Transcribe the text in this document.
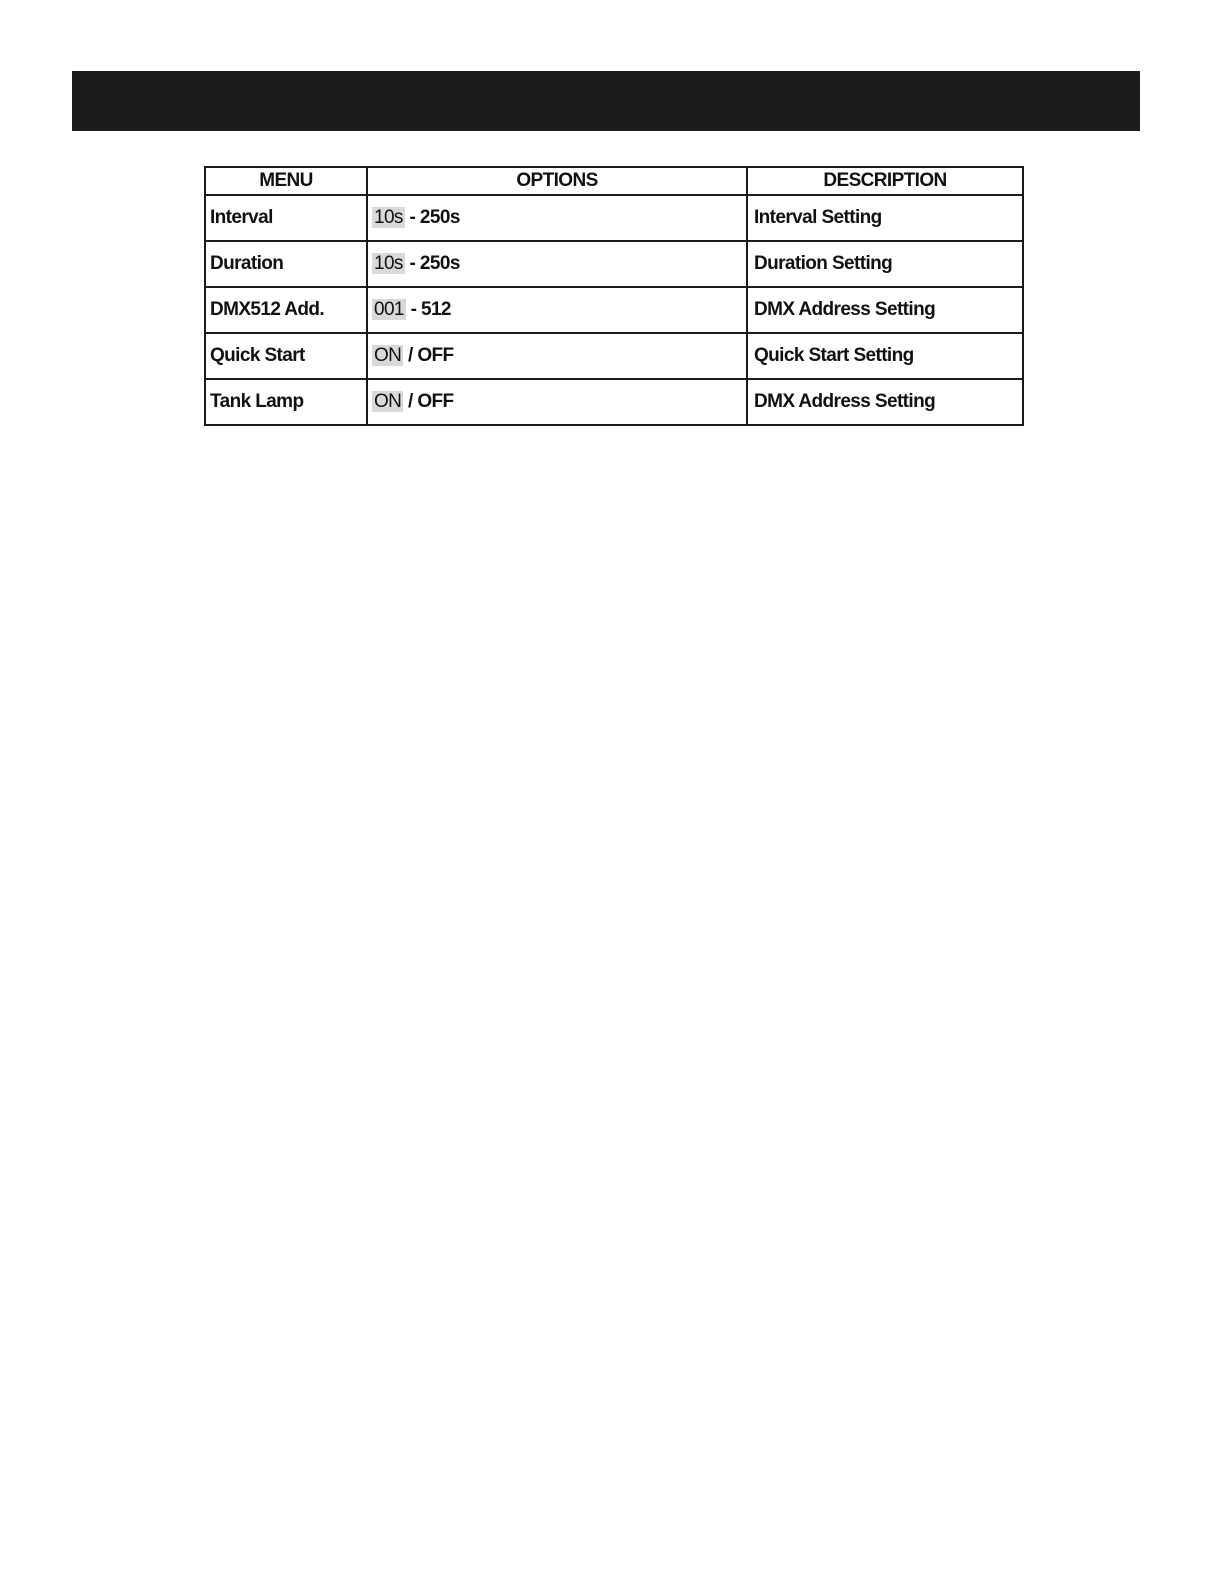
MENU	OPTIONS	DESCRIPTION
Interval	10s - 250s	Interval Setting
Duration	10s - 250s	Duration Setting
DMX512 Add.	001 - 512	DMX Address Setting
Quick Start	ON / OFF	Quick Start Setting
Tank Lamp	ON / OFF	DMX Address Setting
